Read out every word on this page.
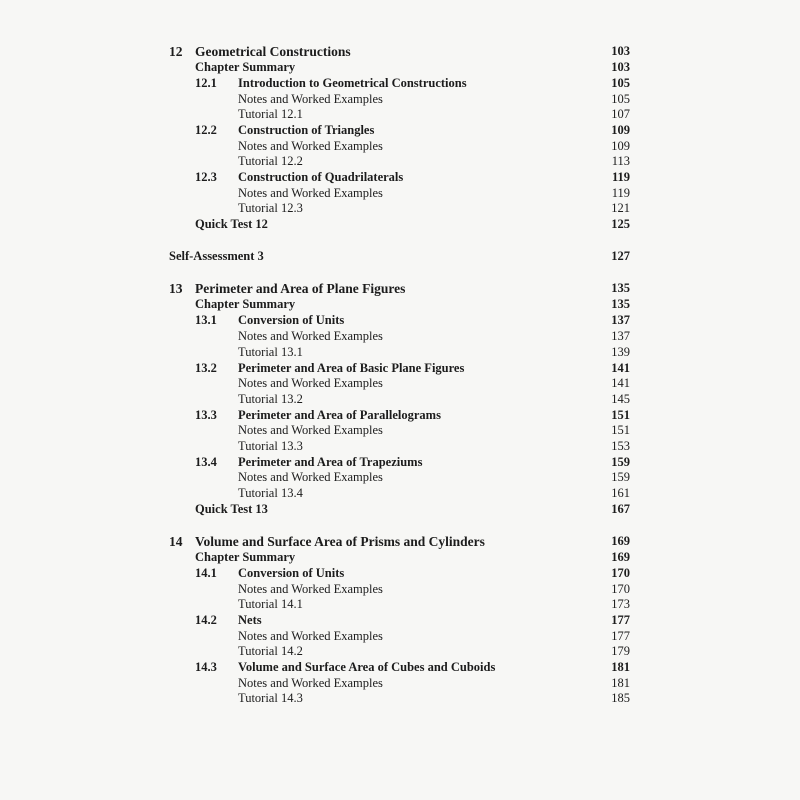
12 Geometrical Constructions	103
Chapter Summary	103
12.1 Introduction to Geometrical Constructions	105
Notes and Worked Examples	105
Tutorial 12.1	107
12.2 Construction of Triangles	109
Notes and Worked Examples	109
Tutorial 12.2	113
12.3 Construction of Quadrilaterals	119
Notes and Worked Examples	119
Tutorial 12.3	121
Quick Test 12	125
Self-Assessment 3	127
13 Perimeter and Area of Plane Figures	135
Chapter Summary	135
13.1 Conversion of Units	137
Notes and Worked Examples	137
Tutorial 13.1	139
13.2 Perimeter and Area of Basic Plane Figures	141
Notes and Worked Examples	141
Tutorial 13.2	145
13.3 Perimeter and Area of Parallelograms	151
Notes and Worked Examples	151
Tutorial 13.3	153
13.4 Perimeter and Area of Trapeziums	159
Notes and Worked Examples	159
Tutorial 13.4	161
Quick Test 13	167
14 Volume and Surface Area of Prisms and Cylinders	169
Chapter Summary	169
14.1 Conversion of Units	170
Notes and Worked Examples	170
Tutorial 14.1	173
14.2 Nets	177
Notes and Worked Examples	177
Tutorial 14.2	179
14.3 Volume and Surface Area of Cubes and Cuboids	181
Notes and Worked Examples	181
Tutorial 14.3	185
